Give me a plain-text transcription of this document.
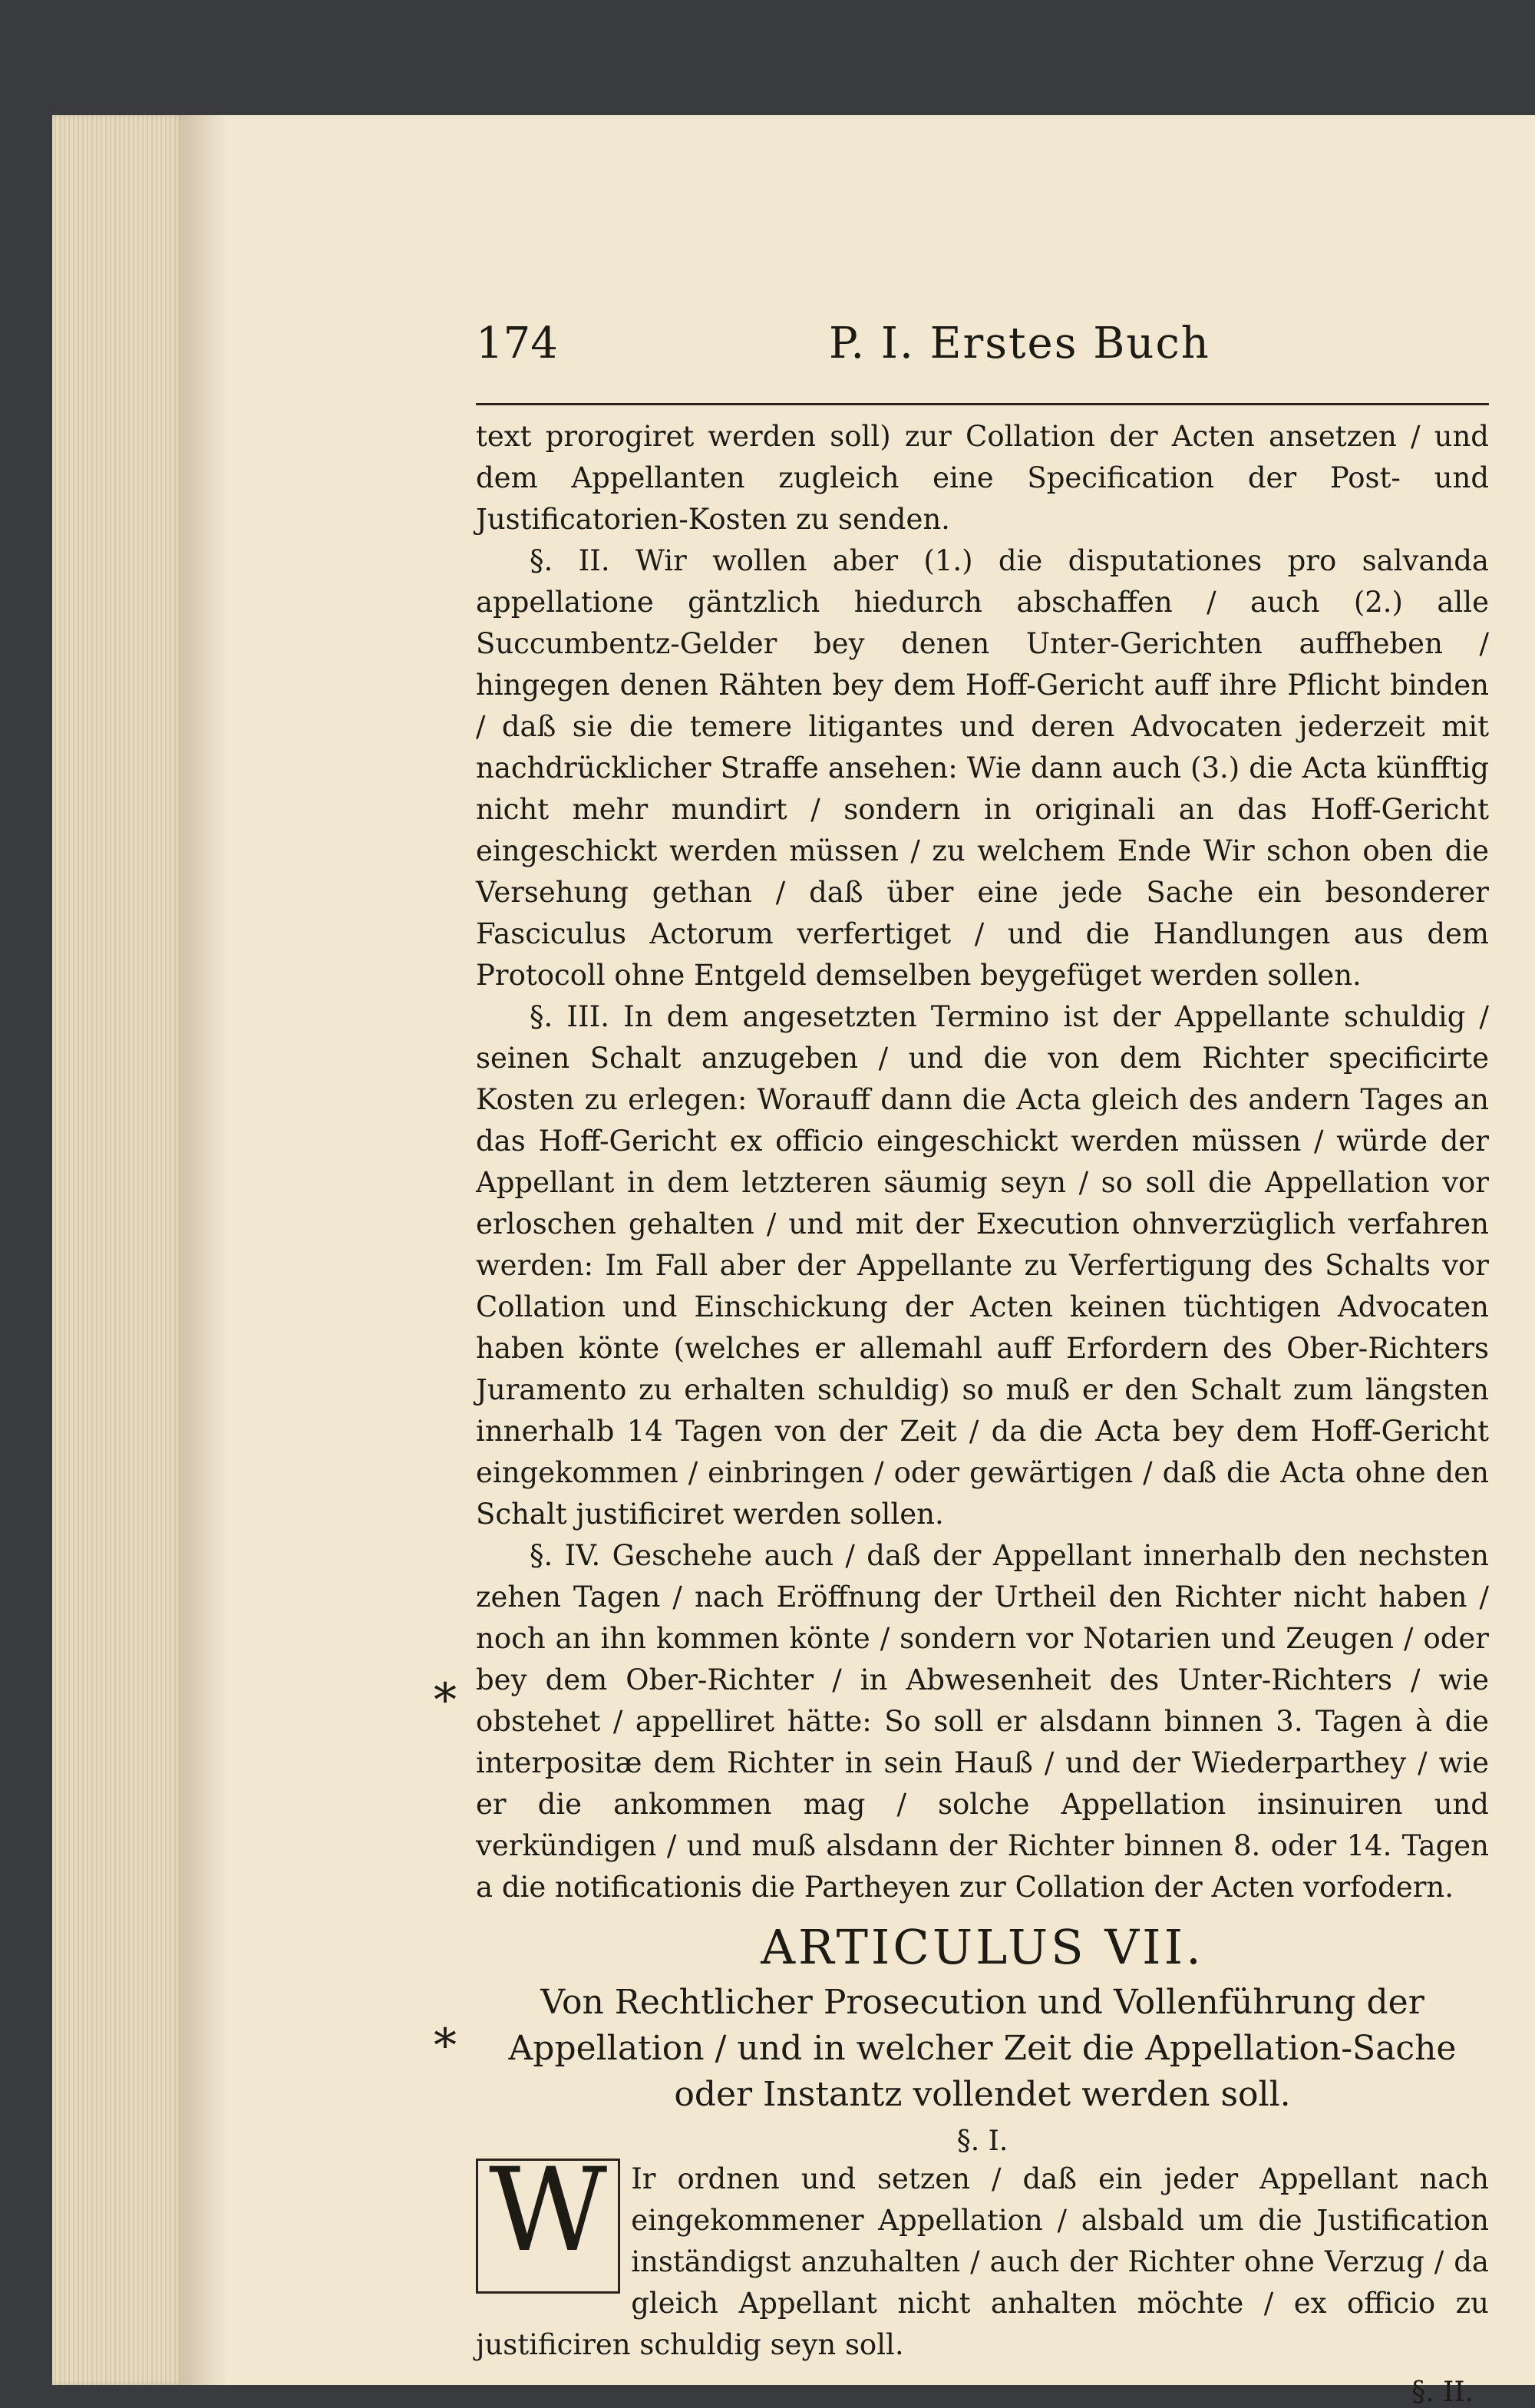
*
*
174	P. I. Erstes Buch

text prorogiret werden soll) zur Collation der Acten ansetzen / und dem Appellanten zugleich eine Specification der Post- und Justificatorien-Kosten zu senden.

§. II. Wir wollen aber (1.) die disputationes pro salvanda appellatione gäntzlich hiedurch abschaffen / auch (2.) alle Succumbentz-Gelder bey denen Unter-Gerichten auffheben / hingegen denen Rähten bey dem Hoff-Gericht auff ihre Pflicht binden / daß sie die temere litigantes und deren Advocaten jederzeit mit nachdrücklicher Straffe ansehen: Wie dann auch (3.) die Acta künfftig nicht mehr mundirt / sondern in originali an das Hoff-Gericht eingeschickt werden müssen / zu welchem Ende Wir schon oben die Versehung gethan / daß über eine jede Sache ein besonderer Fasciculus Actorum verfertiget / und die Handlungen aus dem Protocoll ohne Entgeld demselben beygefüget werden sollen.

§. III. In dem angesetzten Termino ist der Appellante schuldig / seinen Schalt anzugeben / und die von dem Richter specificirte Kosten zu erlegen: Worauff dann die Acta gleich des andern Tages an das Hoff-Gericht ex officio eingeschickt werden müssen / würde der Appellant in dem letzteren säumig seyn / so soll die Appellation vor erloschen gehalten / und mit der Execution ohnverzüglich verfahren werden: Im Fall aber der Appellante zu Verfertigung des Schalts vor Collation und Einschickung der Acten keinen tüchtigen Advocaten haben könte (welches er allemahl auff Erfordern des Ober-Richters Juramento zu erhalten schuldig) so muß er den Schalt zum längsten innerhalb 14 Tagen von der Zeit / da die Acta bey dem Hoff-Gericht eingekommen / einbringen / oder gewärtigen / daß die Acta ohne den Schalt justificiret werden sollen.

§. IV. Geschehe auch / daß der Appellant innerhalb den nechsten zehen Tagen / nach Eröffnung der Urtheil den Richter nicht haben / noch an ihn kommen könte / sondern vor Notarien und Zeugen / oder bey dem Ober-Richter / in Abwesenheit des Unter-Richters / wie obstehet / appelliret hätte: So soll er alsdann binnen 3. Tagen à die interpositæ dem Richter in sein Hauß / und der Wiederparthey / wie er die ankommen mag / solche Appellation insinuiren und verkündigen / und muß alsdann der Richter binnen 8. oder 14. Tagen a die notificationis die Partheyen zur Collation der Acten vorfodern.

ARTICULUS VII.
Von Rechtlicher Prosecution und Vollenführung der Appellation / und in welcher Zeit die Appellation-Sache oder Instantz vollendet werden soll.
§. I.
W Ir ordnen und setzen / daß ein jeder Appellant nach eingekommener Appellation / alsbald um die Justification inständigst anzuhalten / auch der Richter ohne Verzug / da gleich Appellant nicht anhalten möchte / ex officio zu justificiren schuldig seyn soll.

§. II.
